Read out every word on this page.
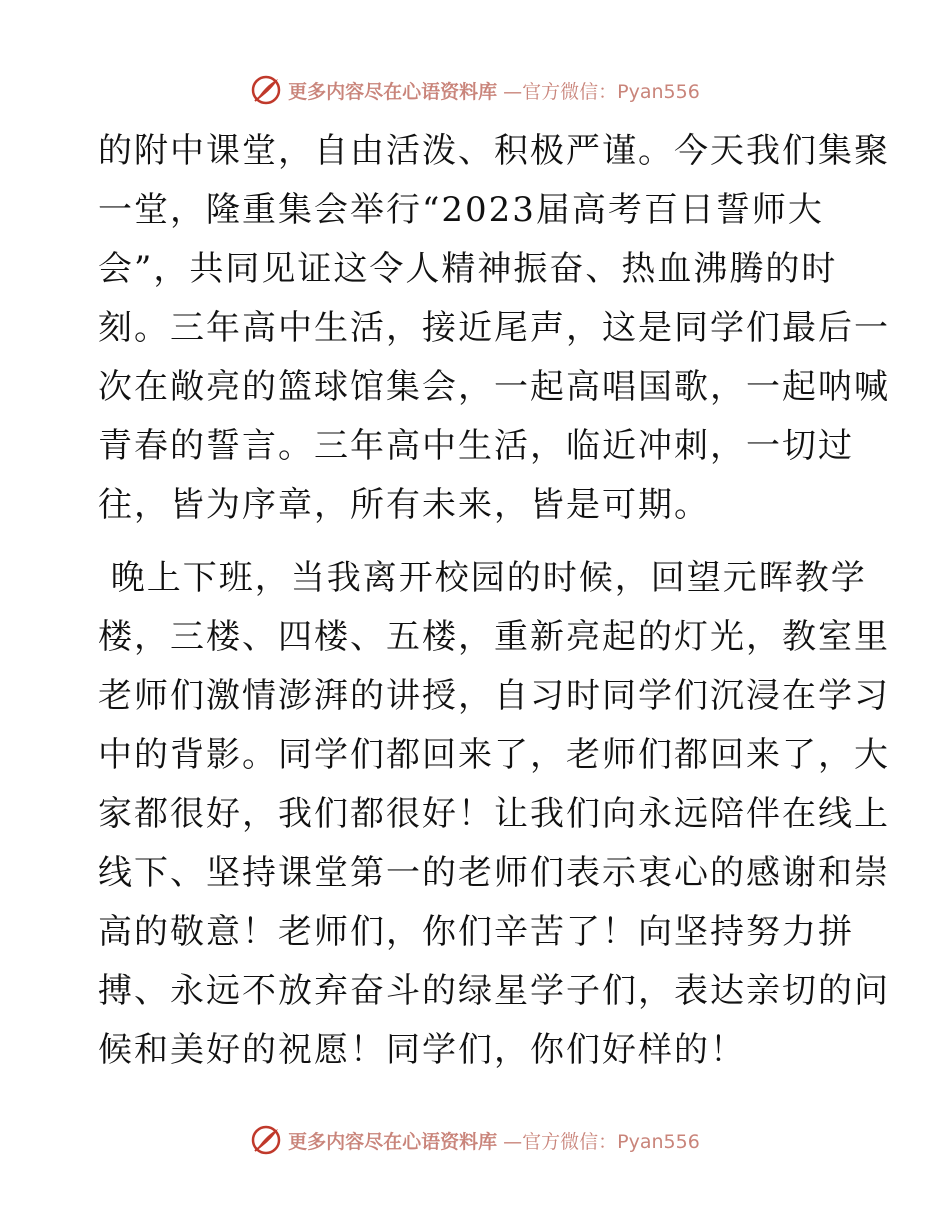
更多内容尽在心语资料库 —官方微信：Pyan556

的附中课堂，自由活泼、积极严谨。今天我们集聚
一堂，隆重集会举行“2023届高考百日誓师大
会”，共同见证这令人精神振奋、热血沸腾的时
刻。三年高中生活，接近尾声，这是同学们最后一
次在敞亮的篮球馆集会，一起高唱国歌，一起呐喊
青春的誓言。三年高中生活，临近冲刺，一切过
往，皆为序章，所有未来，皆是可期。

晚上下班，当我离开校园的时候，回望元晖教学
楼，三楼、四楼、五楼，重新亮起的灯光，教室里
老师们激情澎湃的讲授，自习时同学们沉浸在学习
中的背影。同学们都回来了，老师们都回来了，大
家都很好，我们都很好！让我们向永远陪伴在线上
线下、坚持课堂第一的老师们表示衷心的感谢和崇
高的敬意！老师们，你们辛苦了！向坚持努力拼
搏、永远不放弃奋斗的绿星学子们，表达亲切的问
候和美好的祝愿！同学们，你们好样的！

更多内容尽在心语资料库 —官方微信：Pyan556
